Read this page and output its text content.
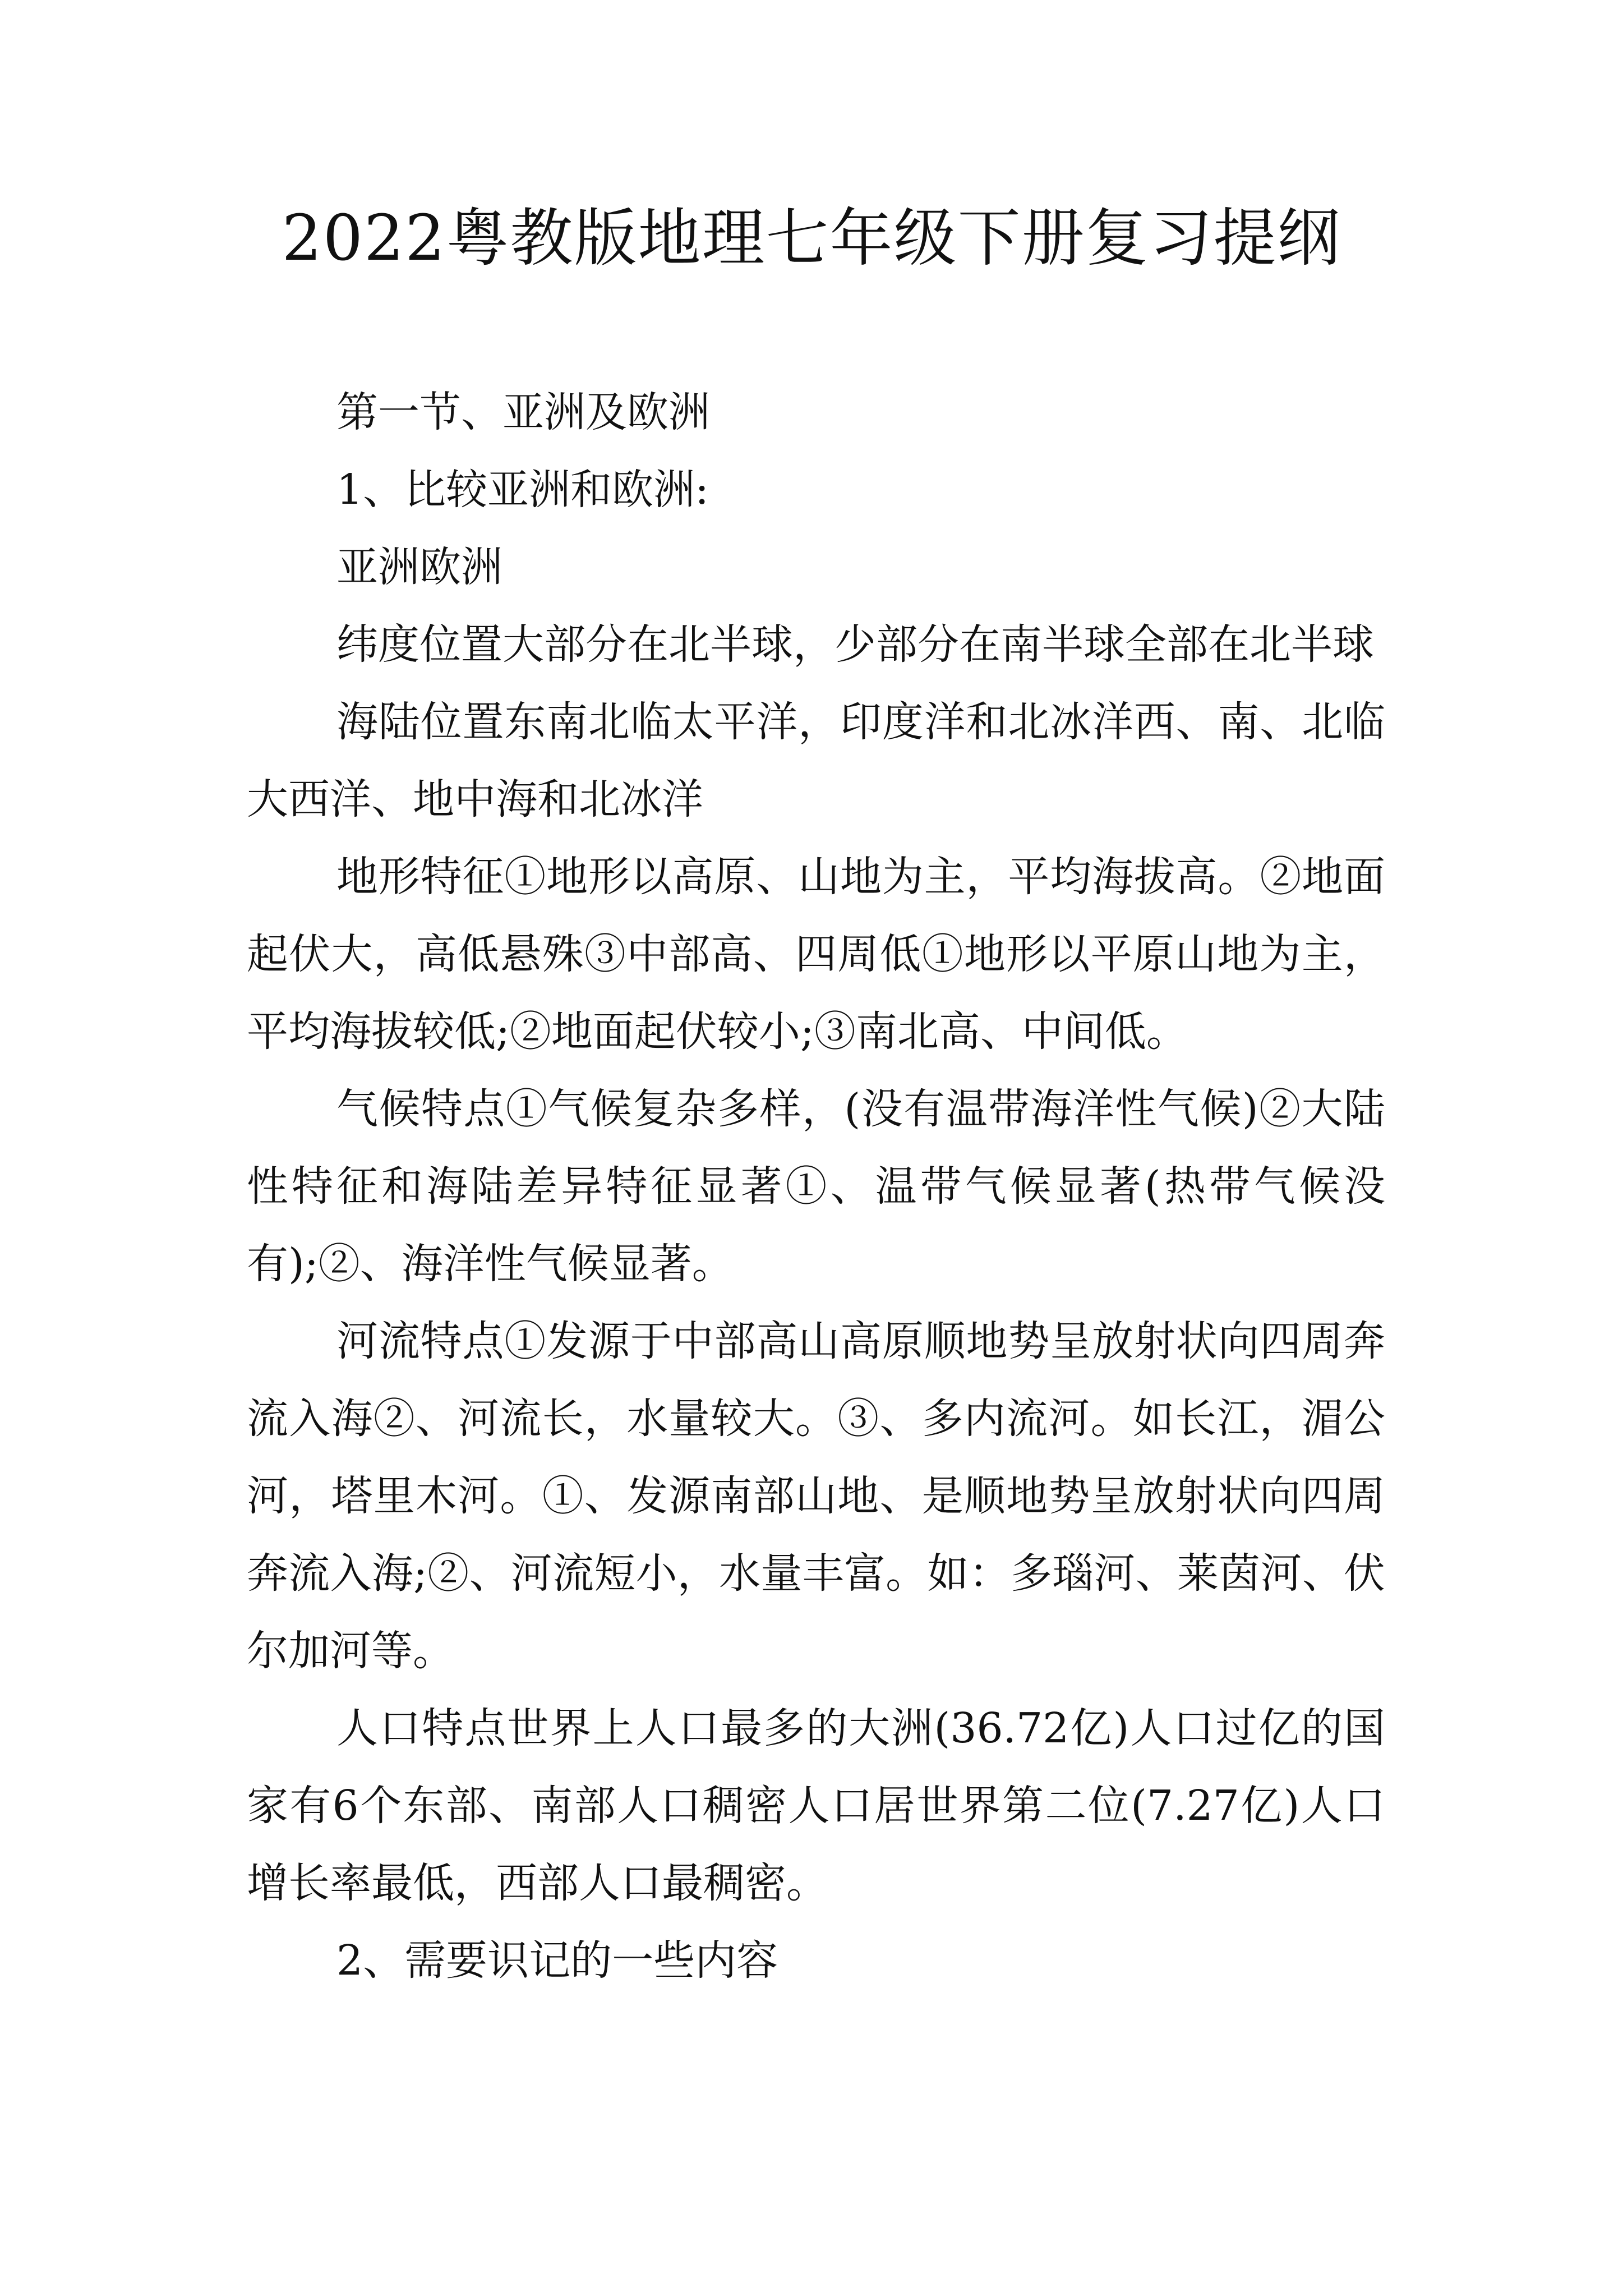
2022粤教版地理七年级下册复习提纲

第一节、亚洲及欧洲

1、比较亚洲和欧洲:

亚洲欧洲

纬度位置大部分在北半球，少部分在南半球全部在北半球

海陆位置东南北临太平洋，印度洋和北冰洋西、南、北临大西洋、地中海和北冰洋

地形特征①地形以高原、山地为主，平均海拔高。②地面起伏大，高低悬殊③中部高、四周低①地形以平原山地为主，平均海拔较低;②地面起伏较小;③南北高、中间低。

气候特点①气候复杂多样，(没有温带海洋性气候)②大陆性特征和海陆差异特征显著①、温带气候显著(热带气候没有);②、海洋性气候显著。

河流特点①发源于中部高山高原顺地势呈放射状向四周奔流入海②、河流长，水量较大。③、多内流河。如长江，湄公河，塔里木河。①、发源南部山地、是顺地势呈放射状向四周奔流入海;②、河流短小，水量丰富。如：多瑙河、莱茵河、伏尔加河等。

人口特点世界上人口最多的大洲(36.72亿)人口过亿的国家有6个东部、南部人口稠密人口居世界第二位(7.27亿)人口增长率最低，西部人口最稠密。

2、需要识记的一些内容
